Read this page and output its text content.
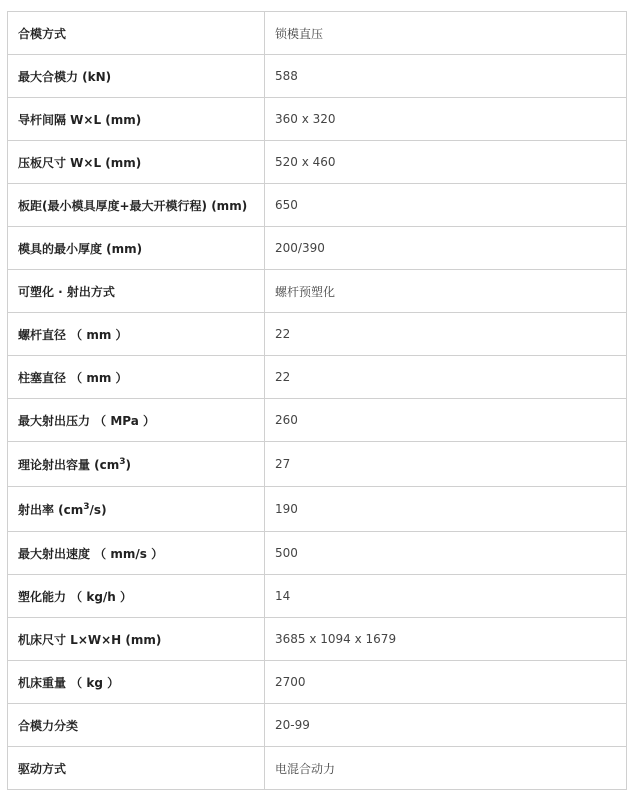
合模方式	锁模直压
最大合模力 (kN)	588
导杆间隔 W×L (mm)	360 x 320
压板尺寸 W×L (mm)	520 x 460
板距(最小模具厚度+最大开模行程) (mm)	650
模具的最小厚度 (mm)	200/390
可塑化 · 射出方式	螺杆预塑化
螺杆直径 （ mm ）	22
柱塞直径 （ mm ）	22
最大射出压力 （ MPa ）	260
理论射出容量 $(cm^3)$	27
射出率 $(cm^3/s)$	190
最大射出速度 （ mm/s ）	500
塑化能力 （ kg/h ）	14
机床尺寸 L×W×H (mm)	3685 x 1094 x 1679
机床重量 （ kg ）	2700
合模力分类	20-99
驱动方式	电混合动力
